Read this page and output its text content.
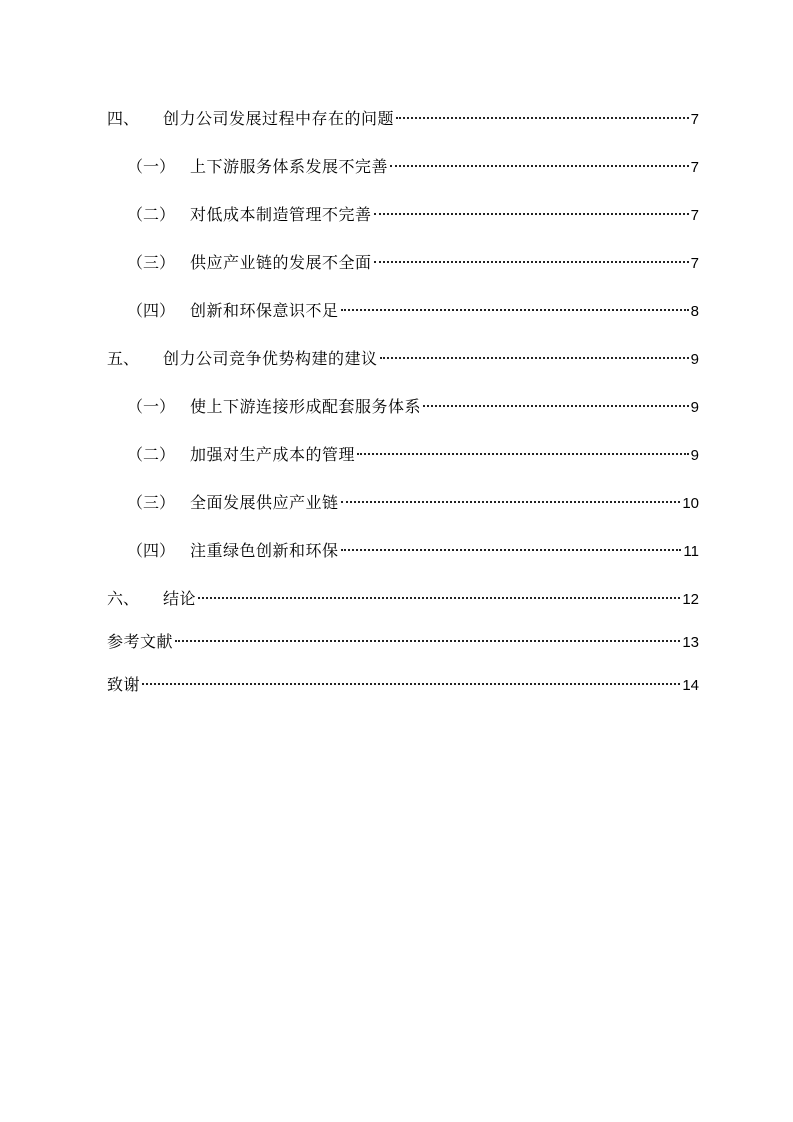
四、	创力公司发展过程中存在的问题	7
（一） 上下游服务体系发展不完善	7
（二） 对低成本制造管理不完善	7
（三） 供应产业链的发展不全面	7
（四） 创新和环保意识不足	8
五、	创力公司竞争优势构建的建议	9
（一） 使上下游连接形成配套服务体系	9
（二） 加强对生产成本的管理	9
（三） 全面发展供应产业链	10
（四） 注重绿色创新和环保	11
六、	结论	12
参考文献	13
致谢	14
